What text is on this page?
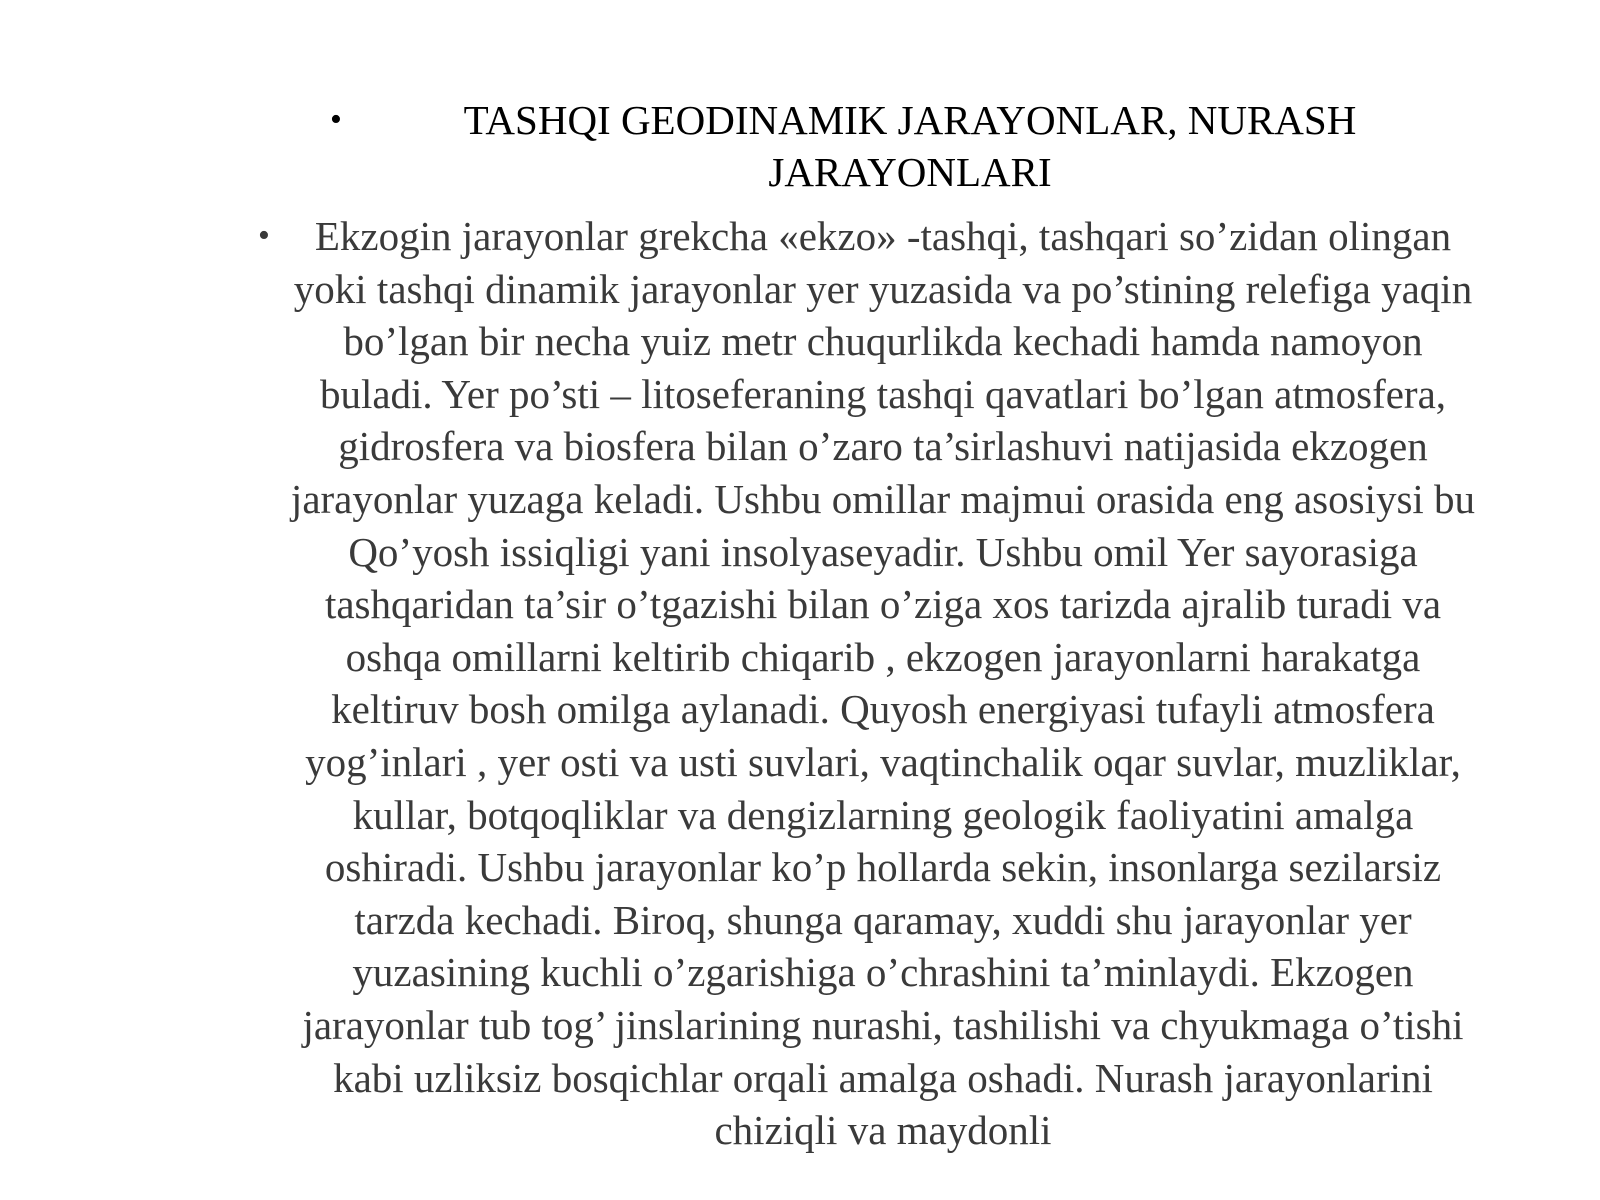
•	TASHQI GEODINAMIK JARAYONLAR, NURASH JARAYONLARI
•	Ekzogin jarayonlar grekcha «ekzo» -tashqi, tashqari so’zidan olingan yoki tashqi dinamik jarayonlar yer yuzasida va po’stining relefiga yaqin bo’lgan bir necha yuiz metr chuqurlikda kechadi hamda namoyon buladi. Yer po’sti – litoseferaning tashqi qavatlari bo’lgan atmosfera, gidrosfera va biosfera bilan o’zaro ta’sirlashuvi natijasida ekzogen jarayonlar yuzaga keladi. Ushbu omillar majmui orasida eng asosiysi bu Qo’yosh issiqligi yani insolyaseyadir. Ushbu omil Yer sayorasiga tashqaridan ta’sir o’tgazishi bilan o’ziga xos tarizda ajralib turadi va oshqa omillarni keltirib chiqarib , ekzogen jarayonlarni harakatga keltiruv bosh omilga aylanadi. Quyosh energiyasi tufayli atmosfera yog’inlari , yer osti va usti suvlari, vaqtinchalik oqar suvlar, muzliklar, kullar, botqoqliklar va dengizlarning geologik faoliyatini amalga oshiradi. Ushbu jarayonlar ko’p hollarda sekin, insonlarga sezilarsiz tarzda kechadi. Biroq, shunga qaramay, xuddi shu jarayonlar yer yuzasining kuchli o’zgarishiga o’chrashini ta’minlaydi. Ekzogen jarayonlar tub tog’ jinslarining nurashi, tashilishi va chyukmaga o’tishi kabi uzliksiz bosqichlar orqali amalga oshadi. Nurash jarayonlarini chiziqli va maydonli
